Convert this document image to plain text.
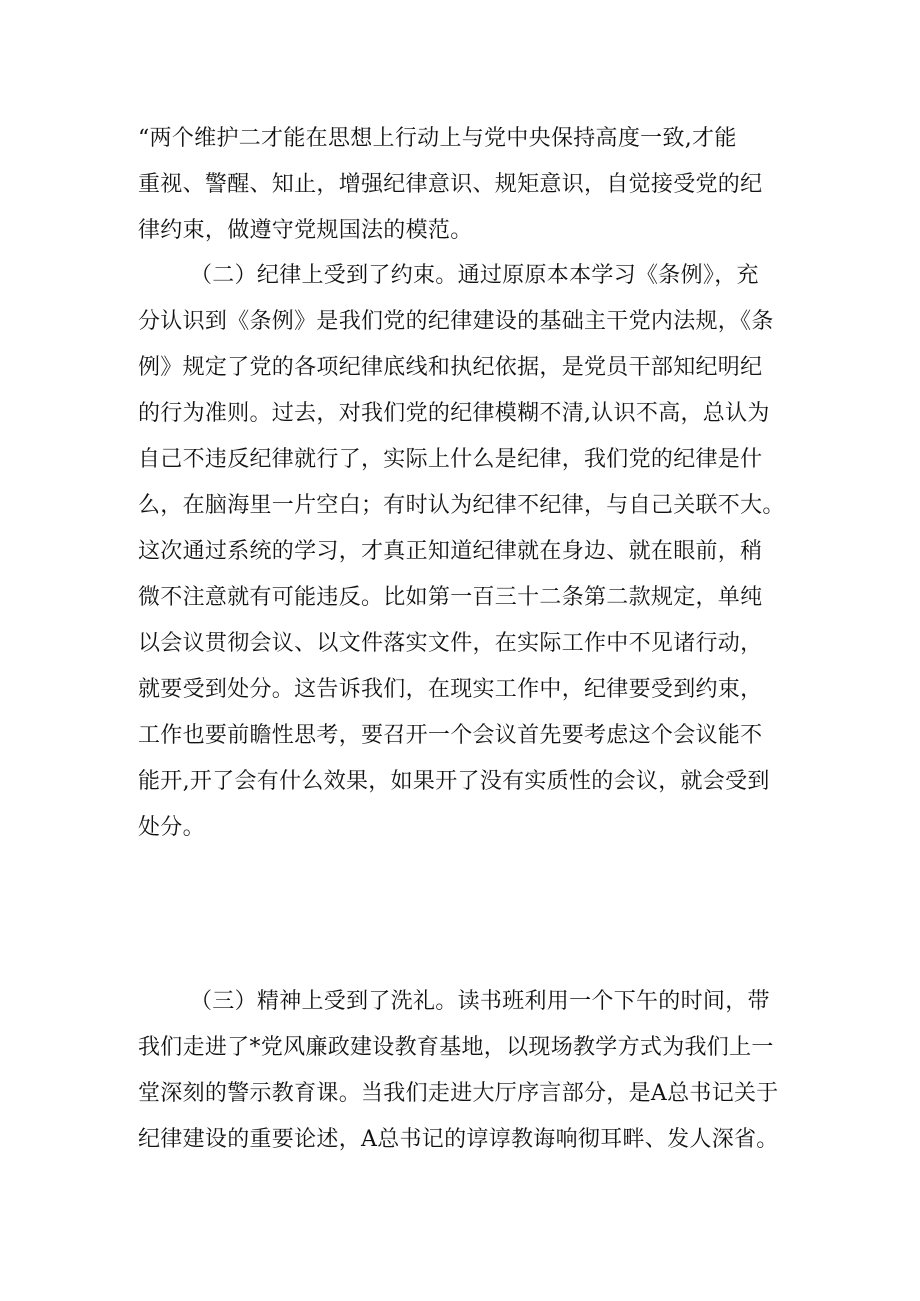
“两个维护二才能在思想上行动上与党中央保持高度一致,才能
重视、警醒、知止，增强纪律意识、规矩意识，自觉接受党的纪
律约束，做遵守党规国法的模范。
（二）纪律上受到了约束。通过原原本本学习《条例》，充
分认识到《条例》是我们党的纪律建设的基础主干党内法规，《条
例》规定了党的各项纪律底线和执纪依据，是党员干部知纪明纪
的行为准则。过去，对我们党的纪律模糊不清,认识不高，总认为
自己不违反纪律就行了，实际上什么是纪律，我们党的纪律是什
么，在脑海里一片空白；有时认为纪律不纪律，与自己关联不大。
这次通过系统的学习，才真正知道纪律就在身边、就在眼前，稍
微不注意就有可能违反。比如第一百三十二条第二款规定，单纯
以会议贯彻会议、以文件落实文件，在实际工作中不见诸行动，
就要受到处分。这告诉我们，在现实工作中，纪律要受到约束，
工作也要前瞻性思考，要召开一个会议首先要考虑这个会议能不
能开,开了会有什么效果，如果开了没有实质性的会议，就会受到
处分。
（三）精神上受到了洗礼。读书班利用一个下午的时间，带
我们走进了*党风廉政建设教育基地，以现场教学方式为我们上一
堂深刻的警示教育课。当我们走进大厅序言部分，是A总书记关于
纪律建设的重要论述，A总书记的谆谆教诲响彻耳畔、发人深省。
